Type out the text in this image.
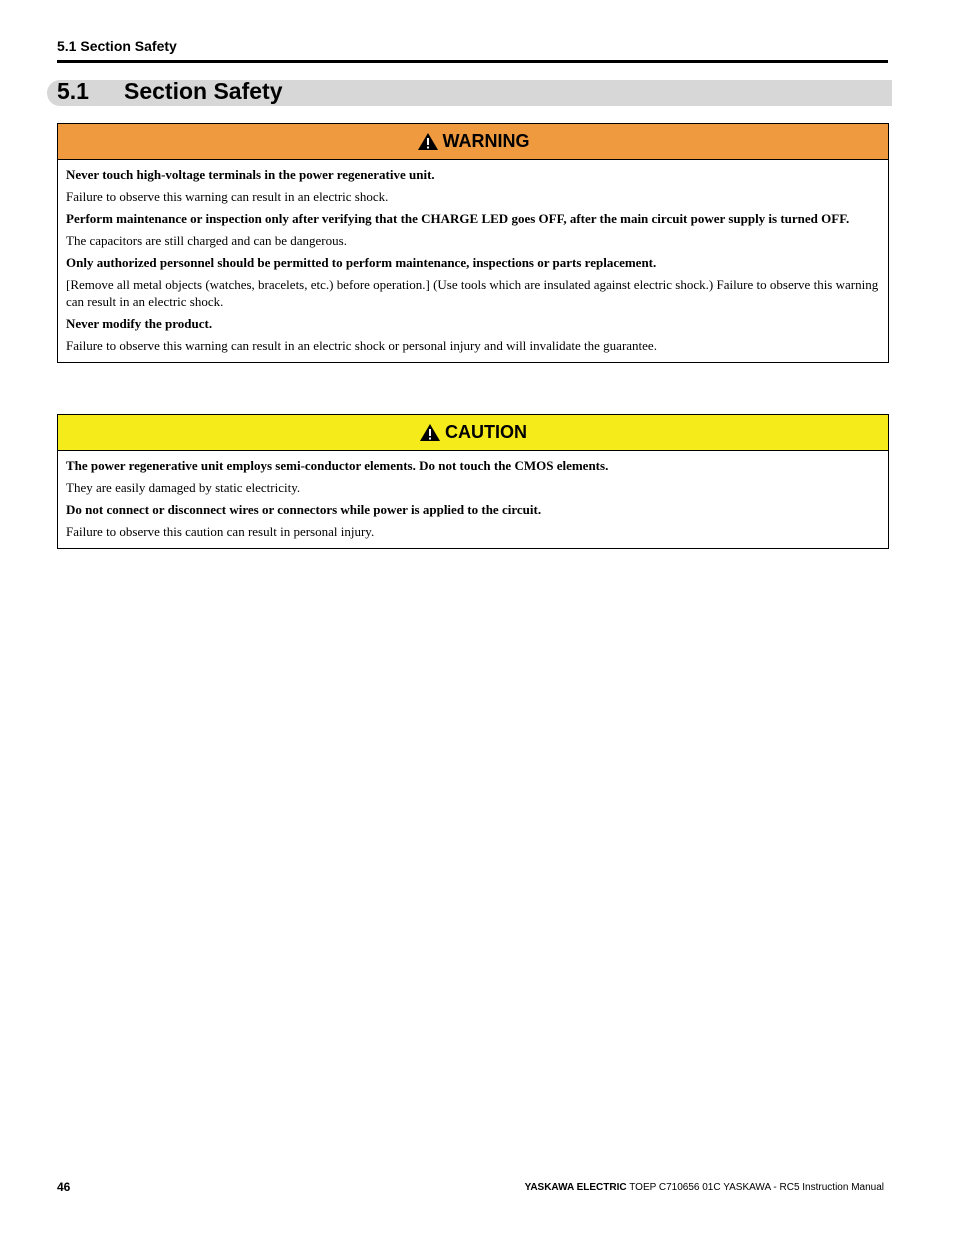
5.1 Section Safety
5.1 Section Safety
WARNING

Never touch high-voltage terminals in the power regenerative unit.

Failure to observe this warning can result in an electric shock.

Perform maintenance or inspection only after verifying that the CHARGE LED goes OFF, after the main circuit power supply is turned OFF.

The capacitors are still charged and can be dangerous.

Only authorized personnel should be permitted to perform maintenance, inspections or parts replacement.

[Remove all metal objects (watches, bracelets, etc.) before operation.] (Use tools which are insulated against electric shock.) Failure to observe this warning can result in an electric shock.

Never modify the product.

Failure to observe this warning can result in an electric shock or personal injury and will invalidate the guarantee.

CAUTION

The power regenerative unit employs semi-conductor elements. Do not touch the CMOS elements.

They are easily damaged by static electricity.

Do not connect or disconnect wires or connectors while power is applied to the circuit.

Failure to observe this caution can result in personal injury.

46	YASKAWA ELECTRIC TOEP C710656 01C YASKAWA - RC5 Instruction Manual
